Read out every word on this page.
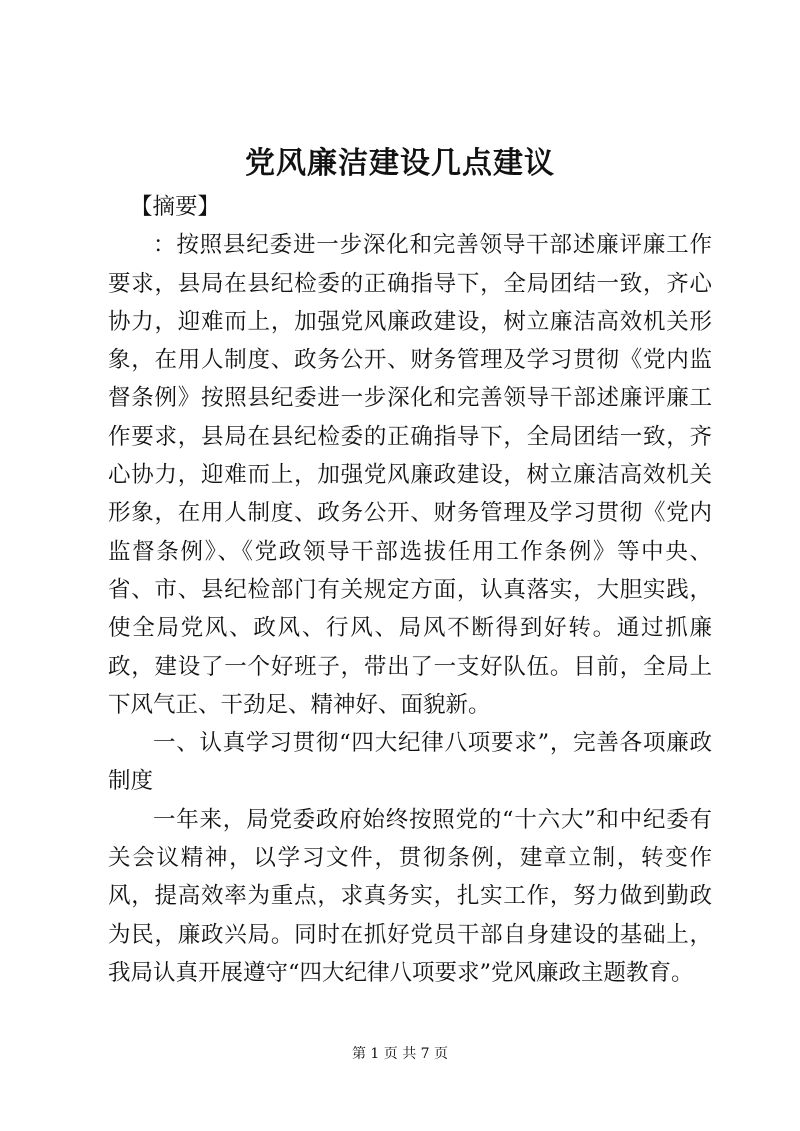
党风廉洁建设几点建议

【摘要】

：按照县纪委进一步深化和完善领导干部述廉评廉工作要求，县局在县纪检委的正确指导下，全局团结一致，齐心协力，迎难而上，加强党风廉政建设，树立廉洁高效机关形象，在用人制度、政务公开、财务管理及学习贯彻《党内监督条例》按照县纪委进一步深化和完善领导干部述廉评廉工作要求，县局在县纪检委的正确指导下，全局团结一致，齐心协力，迎难而上，加强党风廉政建设，树立廉洁高效机关形象，在用人制度、政务公开、财务管理及学习贯彻《党内监督条例》、《党政领导干部选拔任用工作条例》等中央、省、市、县纪检部门有关规定方面，认真落实，大胆实践，使全局党风、政风、行风、局风不断得到好转。通过抓廉政，建设了一个好班子，带出了一支好队伍。目前，全局上下风气正、干劲足、精神好、面貌新。

一、认真学习贯彻“四大纪律八项要求”，完善各项廉政制度

一年来，局党委政府始终按照党的“十六大”和中纪委有关会议精神，以学习文件，贯彻条例，建章立制，转变作风，提高效率为重点，求真务实，扎实工作，努力做到勤政为民，廉政兴局。同时在抓好党员干部自身建设的基础上，我局认真开展遵守“四大纪律八项要求”党风廉政主题教育。

第 1 页 共 7 页
